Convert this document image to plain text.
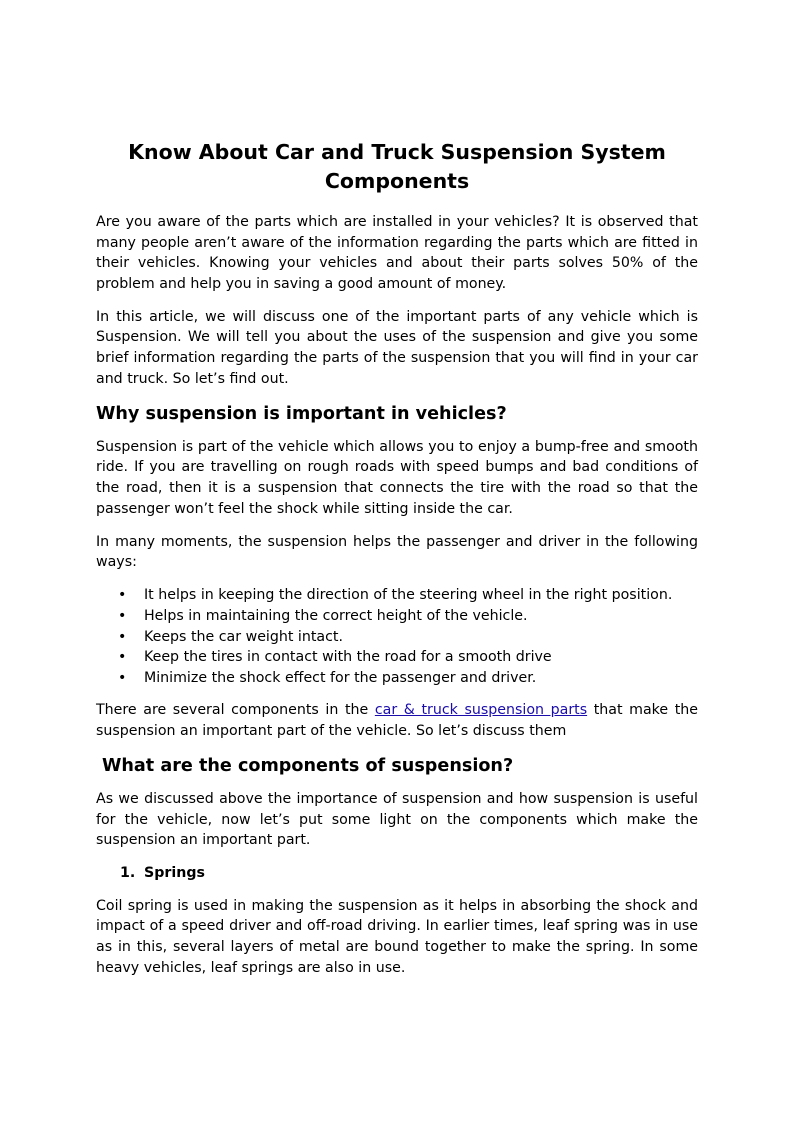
Know About Car and Truck Suspension System Components

Are you aware of the parts which are installed in your vehicles? It is observed that many people aren’t aware of the information regarding the parts which are fitted in their vehicles. Knowing your vehicles and about their parts solves 50% of the problem and help you in saving a good amount of money.

In this article, we will discuss one of the important parts of any vehicle which is Suspension. We will tell you about the uses of the suspension and give you some brief information regarding the parts of the suspension that you will find in your car and truck. So let’s find out.

Why suspension is important in vehicles?

Suspension is part of the vehicle which allows you to enjoy a bump-free and smooth ride. If you are travelling on rough roads with speed bumps and bad conditions of the road, then it is a suspension that connects the tire with the road so that the passenger won’t feel the shock while sitting inside the car.

In many moments, the suspension helps the passenger and driver in the following ways:

• It helps in keeping the direction of the steering wheel in the right position.
• Helps in maintaining the correct height of the vehicle.
• Keeps the car weight intact.
• Keep the tires in contact with the road for a smooth drive
• Minimize the shock effect for the passenger and driver.

There are several components in the car & truck suspension parts that make the suspension an important part of the vehicle. So let’s discuss them

What are the components of suspension?

As we discussed above the importance of suspension and how suspension is useful for the vehicle, now let’s put some light on the components which make the suspension an important part.

1. Springs

Coil spring is used in making the suspension as it helps in absorbing the shock and impact of a speed driver and off-road driving. In earlier times, leaf spring was in use as in this, several layers of metal are bound together to make the spring. In some heavy vehicles, leaf springs are also in use.
